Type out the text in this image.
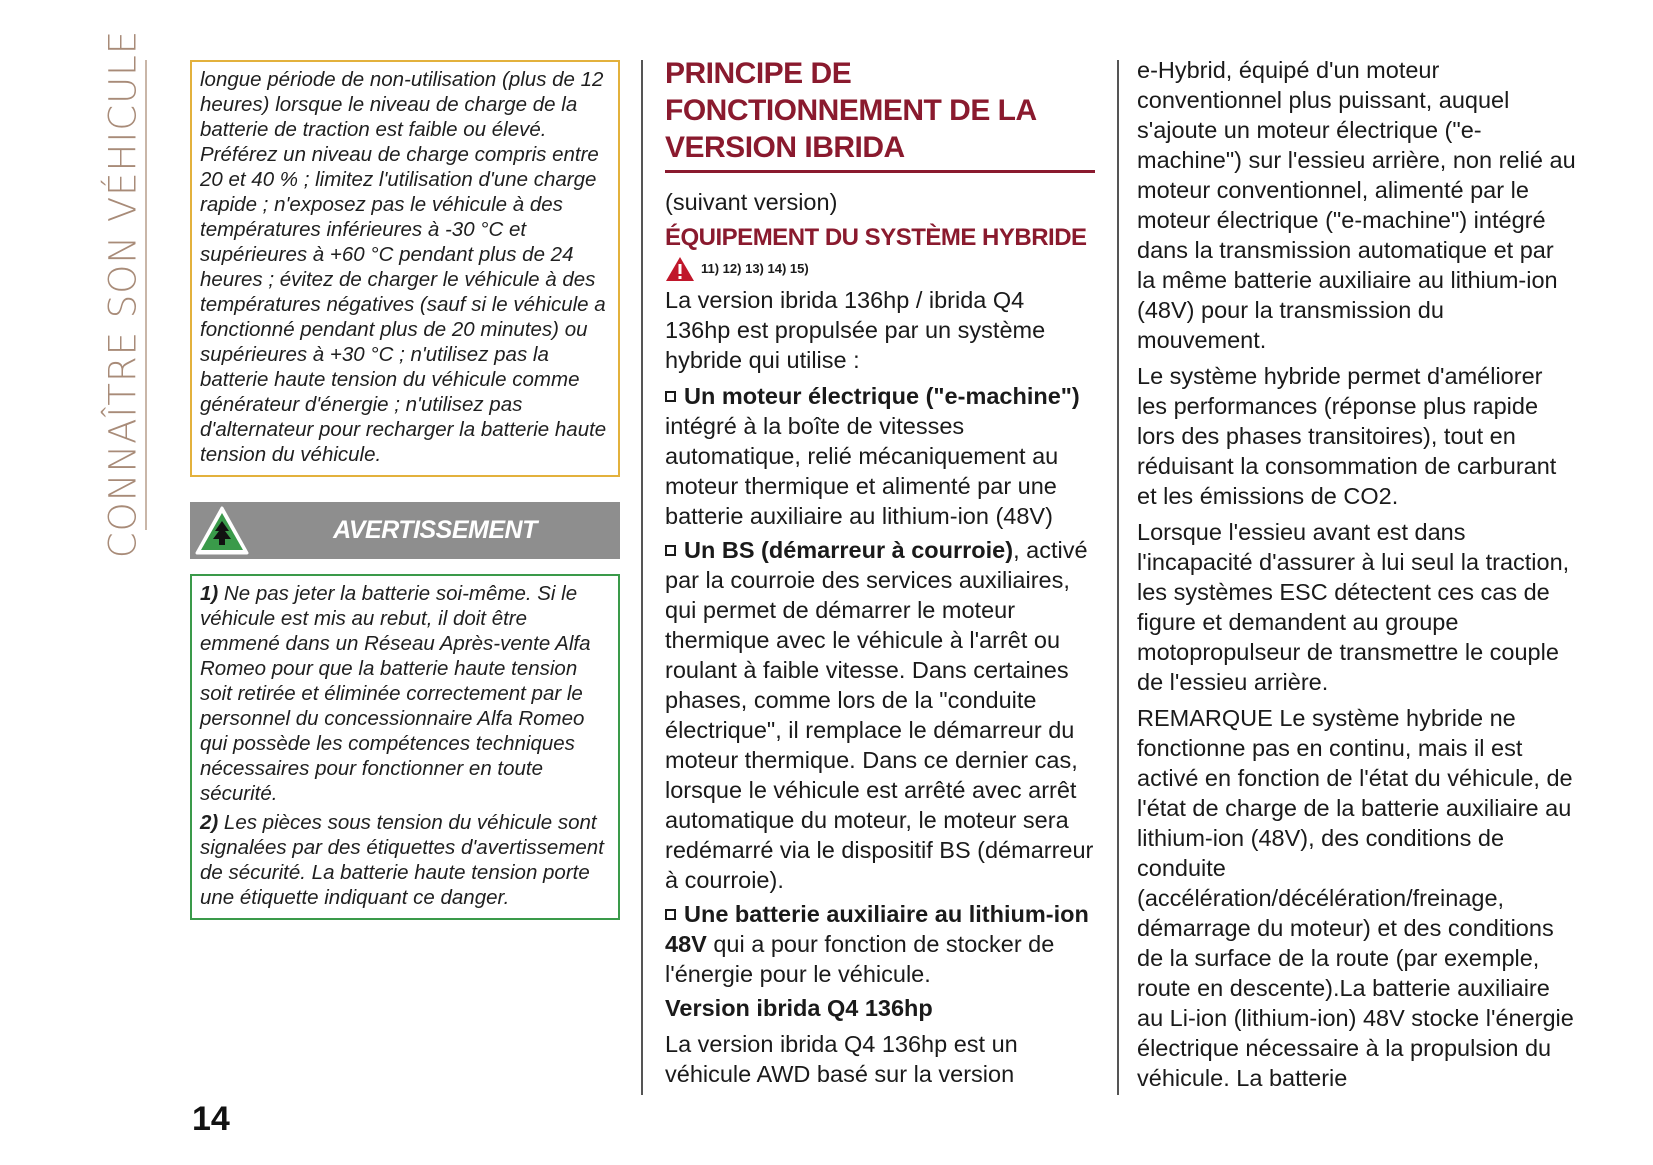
CONNAÎTRE SON VÉHICULE	longue période de non-utilisation (plus de 12 heures) lorsque le niveau de charge de la batterie de traction est faible ou élevé. Préférez un niveau de charge compris entre 20 et 40 % ; limitez l'utilisation d'une charge rapide ; n'exposez pas le véhicule à des températures inférieures à -30 °C et supérieures à +60 °C pendant plus de 24 heures ; évitez de charger le véhicule à des températures négatives (sauf si le véhicule a fonctionné pendant plus de 20 minutes) ou supérieures à +30 °C ; n'utilisez pas la batterie haute tension du véhicule comme générateur d'énergie ; n'utilisez pas d'alternateur pour recharger la batterie haute tension du véhicule.
AVERTISSEMENT

1) Ne pas jeter la batterie soi-même. Si le véhicule est mis au rebut, il doit être emmené dans un Réseau Après-vente Alfa Romeo pour que la batterie haute tension soit retirée et éliminée correctement par le personnel du concessionnaire Alfa Romeo qui possède les compétences techniques nécessaires pour fonctionner en toute sécurité.

2) Les pièces sous tension du véhicule sont signalées par des étiquettes d'avertissement de sécurité. La batterie haute tension porte une étiquette indiquant ce danger.

PRINCIPE DE FONCTIONNEMENT DE LA VERSION IBRIDA

(suivant version)

ÉQUIPEMENT DU SYSTÈME HYBRIDE
11) 12) 13) 14) 15)

La version ibrida 136hp / ibrida Q4 136hp est propulsée par un système hybride qui utilise :

Un moteur électrique ("e-machine") intégré à la boîte de vitesses automatique, relié mécaniquement au moteur thermique et alimenté par une batterie auxiliaire au lithium-ion (48V)

Un BS (démarreur à courroie), activé par la courroie des services auxiliaires, qui permet de démarrer le moteur thermique avec le véhicule à l'arrêt ou roulant à faible vitesse. Dans certaines phases, comme lors de la "conduite électrique", il remplace le démarreur du moteur thermique. Dans ce dernier cas, lorsque le véhicule est arrêté avec arrêt automatique du moteur, le moteur sera redémarré via le dispositif BS (démarreur à courroie).

Une batterie auxiliaire au lithium-ion 48V qui a pour fonction de stocker de l'énergie pour le véhicule.

Version ibrida Q4 136hp

La version ibrida Q4 136hp est un véhicule AWD basé sur la version

e-Hybrid, équipé d'un moteur conventionnel plus puissant, auquel s'ajoute un moteur électrique ("e-machine") sur l'essieu arrière, non relié au moteur conventionnel, alimenté par le moteur électrique ("e-machine") intégré dans la transmission automatique et par la même batterie auxiliaire au lithium-ion (48V) pour la transmission du mouvement.

Le système hybride permet d'améliorer les performances (réponse plus rapide lors des phases transitoires), tout en réduisant la consommation de carburant et les émissions de CO2.

Lorsque l'essieu avant est dans l'incapacité d'assurer à lui seul la traction, les systèmes ESC détectent ces cas de figure et demandent au groupe motopropulseur de transmettre le couple de l'essieu arrière.

REMARQUE Le système hybride ne fonctionne pas en continu, mais il est activé en fonction de l'état du véhicule, de l'état de charge de la batterie auxiliaire au lithium-ion (48V), des conditions de conduite (accélération/décélération/freinage, démarrage du moteur) et des conditions de la surface de la route (par exemple, route en descente).La batterie auxiliaire au Li-ion (lithium-ion) 48V stocke l'énergie électrique nécessaire à la propulsion du véhicule. La batterie

14
